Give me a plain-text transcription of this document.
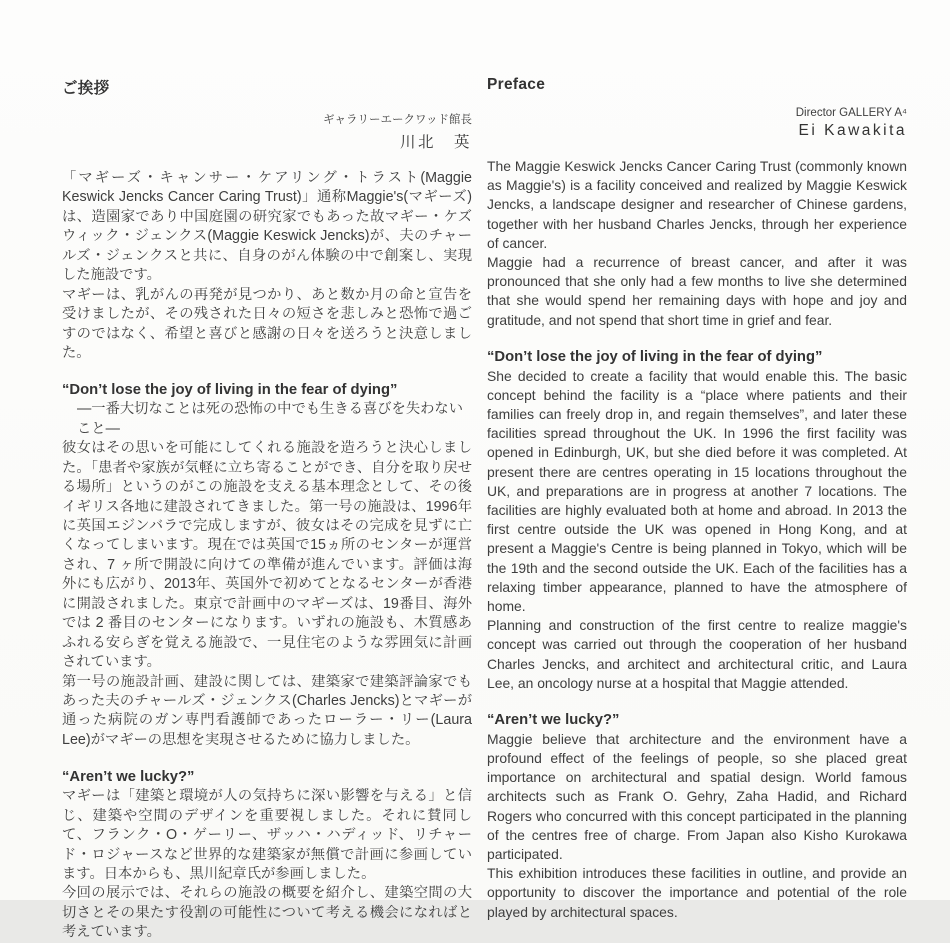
ご挨拶
ギャラリーエークワッド館長
川北　英

「マギーズ・キャンサー・ケアリング・トラスト(Maggie Keswick Jencks Cancer Caring Trust)」通称Maggie's(マギーズ)は、造園家であり中国庭園の研究家でもあった故マギー・ケズウィック・ジェンクス(Maggie Keswick Jencks)が、夫のチャールズ・ジェンクスと共に、自身のがん体験の中で創案し、実現した施設です。

マギーは、乳がんの再発が見つかり、あと数か月の命と宣告を受けましたが、その残された日々の短さを悲しみと恐怖で過ごすのではなく、希望と喜びと感謝の日々を送ろうと決意しました。

“Don’t lose the joy of living in the fear of dying”

―一番大切なことは死の恐怖の中でも生きる喜びを失わないこと―

彼女はその思いを可能にしてくれる施設を造ろうと決心しました。「患者や家族が気軽に立ち寄ることができ、自分を取り戻せる場所」というのがこの施設を支える基本理念として、その後イギリス各地に建設されてきました。第一号の施設は、1996年に英国エジンバラで完成しますが、彼女はその完成を見ずに亡くなってしまいます。現在では英国で15ヵ所のセンターが運営され、7 ヶ所で開設に向けての準備が進んでいます。評価は海外にも広がり、2013年、英国外で初めてとなるセンターが香港に開設されました。東京で計画中のマギーズは、19番目、海外では 2 番目のセンターになります。いずれの施設も、木質感あふれる安らぎを覚える施設で、一見住宅のような雰囲気に計画されています。

第一号の施設計画、建設に関しては、建築家で建築評論家でもあった夫のチャールズ・ジェンクス(Charles Jencks)とマギーが通った病院のガン専門看護師であったローラー・リー(Laura Lee)がマギーの思想を実現させるために協力しました。

“Aren’t we lucky?”

マギーは「建築と環境が人の気持ちに深い影響を与える」と信じ、建築や空間のデザインを重要視しました。それに賛同して、フランク・O・ゲーリー、ザッハ・ハディッド、リチャード・ロジャースなど世界的な建築家が無償で計画に参画しています。日本からも、黒川紀章氏が参画しました。

今回の展示では、それらの施設の概要を紹介し、建築空間の大切さとその果たす役割の可能性について考える機会になればと考えています。

Preface
Director GALLERY A⁴
Ei Kawakita

The Maggie Keswick Jencks Cancer Caring Trust (commonly known as Maggie's) is a facility conceived and realized by Maggie Keswick Jencks, a landscape designer and researcher of Chinese gardens, together with her husband Charles Jencks, through her experience of cancer.

Maggie had a recurrence of breast cancer, and after it was pronounced that she only had a few months to live she determined that she would spend her remaining days with hope and joy and gratitude, and not spend that short time in grief and fear.

“Don’t lose the joy of living in the fear of dying”

She decided to create a facility that would enable this. The basic concept behind the facility is a “place where patients and their families can freely drop in, and regain themselves”, and later these facilities spread throughout the UK. In 1996 the first facility was opened in Edinburgh, UK, but she died before it was completed. At present there are centres operating in 15 locations throughout the UK, and preparations are in progress at another 7 locations. The facilities are highly evaluated both at home and abroad. In 2013 the first centre outside the UK was opened in Hong Kong, and at present a Maggie's Centre is being planned in Tokyo, which will be the 19th and the second outside the UK. Each of the facilities has a relaxing timber appearance, planned to have the atmosphere of home.

Planning and construction of the first centre to realize maggie's concept was carried out through the cooperation of her husband Charles Jencks, and architect and architectural critic, and Laura Lee, an oncology nurse at a hospital that Maggie attended.

“Aren’t we lucky?”

Maggie believe that architecture and the environment have a profound effect of the feelings of people, so she placed great importance on architectural and spatial design. World famous architects such as Frank O. Gehry, Zaha Hadid, and Richard Rogers who concurred with this concept participated in the planning of the centres free of charge. From Japan also Kisho Kurokawa participated.

This exhibition introduces these facilities in outline, and provide an opportunity to discover the importance and potential of the role played by architectural spaces.
